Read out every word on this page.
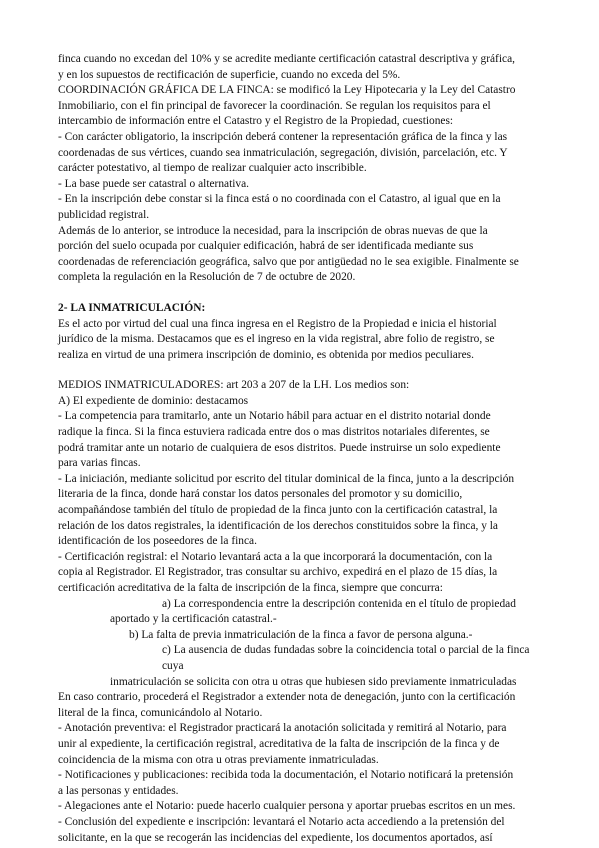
finca cuando no excedan del 10% y se acredite mediante certificación catastral descriptiva y gráfica,
y en los supuestos de rectificación de superficie, cuando no exceda del 5%.
COORDINACIÓN GRÁFICA DE LA FINCA: se modificó la Ley Hipotecaria y la Ley del Catastro
Inmobiliario, con el fin principal de favorecer la coordinación. Se regulan los requisitos para el
intercambio de información entre el Catastro y el Registro de la Propiedad, cuestiones:
- Con carácter obligatorio, la inscripción deberá contener la representación gráfica de la finca y las
coordenadas de sus vértices, cuando sea inmatriculación, segregación, división, parcelación, etc. Y
carácter potestativo, al tiempo de realizar cualquier acto inscribible.
- La base puede ser catastral o alternativa.
- En la inscripción debe constar si la finca está o no coordinada con el Catastro, al igual que en la
publicidad registral.
Además de lo anterior, se introduce la necesidad, para la inscripción de obras nuevas de que la
porción del suelo ocupada por cualquier edificación, habrá de ser identificada mediante sus
coordenadas de referenciación geográfica, salvo que por antigüedad no le sea exigible. Finalmente se
completa la regulación en la Resolución de 7 de octubre de 2020.
2- LA INMATRICULACIÓN:
Es el acto por virtud del cual una finca ingresa en el Registro de la Propiedad e inicia el historial
jurídico de la misma. Destacamos que es el ingreso en la vida registral, abre folio de registro, se
realiza en virtud de una primera inscripción de dominio, es obtenida por medios peculiares.
MEDIOS INMATRICULADORES: art 203 a 207 de la LH. Los medios son:
A) El expediente de dominio: destacamos
- La competencia para tramitarlo, ante un Notario hábil para actuar en el distrito notarial donde
radique la finca. Si la finca estuviera radicada entre dos o mas distritos notariales diferentes, se
podrá tramitar ante un notario de cualquiera de esos distritos. Puede instruirse un solo expediente
para varias fincas.
- La iniciación, mediante solicitud por escrito del titular dominical de la finca, junto a la descripción
literaria de la finca, donde hará constar los datos personales del promotor y su domicilio,
acompañándose también del título de propiedad de la finca junto con la certificación catastral, la
relación de los datos registrales, la identificación de los derechos constituidos sobre la finca, y la
identificación de los poseedores de la finca.
- Certificación registral: el Notario levantará acta a la que incorporará la documentación, con la
copia al Registrador. El Registrador, tras consultar su archivo, expedirá en el plazo de 15 días, la
certificación acreditativa de la falta de inscripción de la finca, siempre que concurra:
a) La correspondencia entre la descripción contenida en el título de propiedad
aportado y la certificación catastral.-
b) La falta de previa inmatriculación de la finca a favor de persona alguna.-
c) La ausencia de dudas fundadas sobre la coincidencia total o parcial de la finca cuya
inmatriculación se solicita con otra u otras que hubiesen sido previamente inmatriculadas
En caso contrario, procederá el Registrador a extender nota de denegación, junto con la certificación
literal de la finca, comunicándolo al Notario.
- Anotación preventiva: el Registrador practicará la anotación solicitada y remitirá al Notario, para
unir al expediente, la certificación registral, acreditativa de la falta de inscripción de la finca y de
coincidencia de la misma con otra u otras previamente inmatriculadas.
- Notificaciones y publicaciones: recibida toda la documentación, el Notario notificará la pretensión
a las personas y entidades.
- Alegaciones ante el Notario: puede hacerlo cualquier persona y aportar pruebas escritos en un mes.
- Conclusión del expediente e inscripción: levantará el Notario acta accediendo a la pretensión del
solicitante, en la que se recogerán las incidencias del expediente, los documentos aportados, así
